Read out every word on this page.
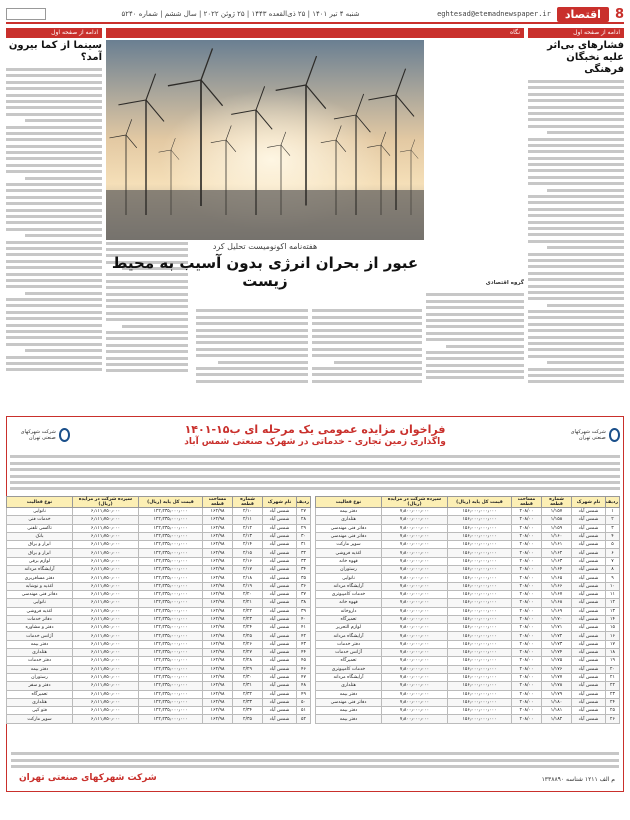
8
اقتصاد
eghtesad@etemadnewspaper.ir
شنبه ۴ تیر ۱۴۰۱ | ۲۵ ذی‌القعده ۱۴۴۳ | ۲۵ ژوئن ۲۰۲۲ | سال ششم | شماره ۵۲۴۰
ادامه از صفحه اول
نگاه
ادامه از صفحه اول
فشارهای بی‌اثر علیه نخبگان فرهنگی
سینما از کما بیرون آمد؟
هفته‌نامه اکونومیست تحلیل کرد
عبور از بحران انرژی بدون آسیب به محیط زیست	گروه اقتصادی
شرکت شهرکهای صنعتی تهران
فراخوان مزایده عمومی یک مرحله ای ب۱۵-۱۴۰۱
واگذاری زمین تجاری - خدماتی در شهرک صنعتی شمس آباد
شرکت شهرکهای صنعتی تهران
ردیف	نام شهرک	شماره قطعه	مساحت قطعه	قیمت کل پایه (ریال)	سپرده شرکت در مزایده (ریال)	نوع فعالیت
۱	شمس آباد	۱/۱۵۷	۲۰۸/۰۰	۱۵۶٫۰۰۰٫۰۰۰٫۰۰۰	۷٫۸۰۰٫۰۰۰٫۰۰۰	دفتر بیمه
۲	شمس آباد	۱/۱۵۸	۲۰۸/۰۰	۱۵۶٫۰۰۰٫۰۰۰٫۰۰۰	۷٫۸۰۰٫۰۰۰٫۰۰۰	هتلداری
۳	شمس آباد	۱/۱۵۹	۲۰۸/۰۰	۱۵۶٫۰۰۰٫۰۰۰٫۰۰۰	۷٫۸۰۰٫۰۰۰٫۰۰۰	دفاتر فنی مهندسی
۴	شمس آباد	۱/۱۶۰	۲۰۸/۰۰	۱۵۶٫۰۰۰٫۰۰۰٫۰۰۰	۷٫۸۰۰٫۰۰۰٫۰۰۰	دفاتر فنی مهندسی
۵	شمس آباد	۱/۱۶۱	۲۰۸/۰۰	۱۵۶٫۰۰۰٫۰۰۰٫۰۰۰	۷٫۸۰۰٫۰۰۰٫۰۰۰	سوپر مارکت
۶	شمس آباد	۱/۱۶۲	۲۰۸/۰۰	۱۵۶٫۰۰۰٫۰۰۰٫۰۰۰	۷٫۸۰۰٫۰۰۰٫۰۰۰	اغذیه فروشی
۷	شمس آباد	۱/۱۶۳	۲۰۸/۰۰	۱۵۶٫۰۰۰٫۰۰۰٫۰۰۰	۷٫۸۰۰٫۰۰۰٫۰۰۰	قهوه خانه
۸	شمس آباد	۱/۱۶۴	۲۰۸/۰۰	۱۵۶٫۰۰۰٫۰۰۰٫۰۰۰	۷٫۸۰۰٫۰۰۰٫۰۰۰	رستوران
۹	شمس آباد	۱/۱۶۵	۲۰۸/۰۰	۱۵۶٫۰۰۰٫۰۰۰٫۰۰۰	۷٫۸۰۰٫۰۰۰٫۰۰۰	نانوایی
۱۰	شمس آباد	۱/۱۶۶	۲۰۸/۰۰	۱۵۶٫۰۰۰٫۰۰۰٫۰۰۰	۷٫۸۰۰٫۰۰۰٫۰۰۰	آرایشگاه مردانه
۱۱	شمس آباد	۱/۱۶۷	۲۰۸/۰۰	۱۵۶٫۰۰۰٫۰۰۰٫۰۰۰	۷٫۸۰۰٫۰۰۰٫۰۰۰	خدمات کامپیوتری
۱۲	شمس آباد	۱/۱۶۸	۲۰۸/۰۰	۱۵۶٫۰۰۰٫۰۰۰٫۰۰۰	۷٫۸۰۰٫۰۰۰٫۰۰۰	قهوه خانه
۱۳	شمس آباد	۱/۱۶۹	۲۰۸/۰۰	۱۵۶٫۰۰۰٫۰۰۰٫۰۰۰	۷٫۸۰۰٫۰۰۰٫۰۰۰	داروخانه
۱۴	شمس آباد	۱/۱۷۰	۲۰۸/۰۰	۱۵۶٫۰۰۰٫۰۰۰٫۰۰۰	۷٫۸۰۰٫۰۰۰٫۰۰۰	تعمیرگاه
۱۵	شمس آباد	۱/۱۷۱	۲۰۸/۰۰	۱۵۶٫۰۰۰٫۰۰۰٫۰۰۰	۷٫۸۰۰٫۰۰۰٫۰۰۰	لوازم التحریر
۱۶	شمس آباد	۱/۱۷۲	۲۰۸/۰۰	۱۵۶٫۰۰۰٫۰۰۰٫۰۰۰	۷٫۸۰۰٫۰۰۰٫۰۰۰	آرایشگاه مردانه
۱۷	شمس آباد	۱/۱۷۳	۲۰۸/۰۰	۱۵۶٫۰۰۰٫۰۰۰٫۰۰۰	۷٫۸۰۰٫۰۰۰٫۰۰۰	دفتر خدمات
۱۸	شمس آباد	۱/۱۷۴	۲۰۸/۰۰	۱۵۶٫۰۰۰٫۰۰۰٫۰۰۰	۷٫۸۰۰٫۰۰۰٫۰۰۰	آژانس خدمات
۱۹	شمس آباد	۱/۱۷۵	۲۰۸/۰۰	۱۵۶٫۰۰۰٫۰۰۰٫۰۰۰	۷٫۸۰۰٫۰۰۰٫۰۰۰	تعمیرگاه
۲۰	شمس آباد	۱/۱۷۶	۲۰۸/۰۰	۱۵۶٫۰۰۰٫۰۰۰٫۰۰۰	۷٫۸۰۰٫۰۰۰٫۰۰۰	خدمات کامپیوتری
۲۱	شمس آباد	۱/۱۷۷	۲۰۸/۰۰	۱۵۶٫۰۰۰٫۰۰۰٫۰۰۰	۷٫۸۰۰٫۰۰۰٫۰۰۰	آرایشگاه مردانه
۲۲	شمس آباد	۱/۱۷۸	۲۰۸/۰۰	۱۵۶٫۰۰۰٫۰۰۰٫۰۰۰	۷٫۸۰۰٫۰۰۰٫۰۰۰	هتلداری
۲۳	شمس آباد	۱/۱۷۹	۲۰۸/۰۰	۱۵۶٫۰۰۰٫۰۰۰٫۰۰۰	۷٫۸۰۰٫۰۰۰٫۰۰۰	دفتر بیمه
۲۴	شمس آباد	۱/۱۸۰	۲۰۸/۰۰	۱۵۶٫۰۰۰٫۰۰۰٫۰۰۰	۷٫۸۰۰٫۰۰۰٫۰۰۰	دفاتر فنی مهندسی
۲۵	شمس آباد	۱/۱۸۱	۲۰۸/۰۰	۱۵۶٫۰۰۰٫۰۰۰٫۰۰۰	۷٫۸۰۰٫۰۰۰٫۰۰۰	دفتر بیمه
۲۶	شمس آباد	۱/۱۸۲	۲۰۸/۰۰	۱۵۶٫۰۰۰٫۰۰۰٫۰۰۰	۷٫۸۰۰٫۰۰۰٫۰۰۰	دفتر بیمه
ردیف	نام شهرک	شماره قطعه	مساحت قطعه	قیمت کل پایه (ریال)	سپرده شرکت در مزایده (ریال)	نوع فعالیت
۲۷	شمس آباد	۲/۱۰	۱۶۲/۹۸	۱۲۲٫۲۳۵٫۰۰۰٫۰۰۰	۶٫۱۱۱٫۷۵۰٫۰۰۰	نانوایی
۲۸	شمس آباد	۲/۱۱	۱۶۲/۹۸	۱۲۲٫۲۳۵٫۰۰۰٫۰۰۰	۶٫۱۱۱٫۷۵۰٫۰۰۰	خدمات فنی
۲۹	شمس آباد	۲/۱۲	۱۶۲/۹۸	۱۲۲٫۲۳۵٫۰۰۰٫۰۰۰	۶٫۱۱۱٫۷۵۰٫۰۰۰	تاکسی تلفنی
۳۰	شمس آباد	۲/۱۳	۱۶۲/۹۸	۱۲۲٫۲۳۵٫۰۰۰٫۰۰۰	۶٫۱۱۱٫۷۵۰٫۰۰۰	بانک
۳۱	شمس آباد	۲/۱۴	۱۶۲/۹۸	۱۲۲٫۲۳۵٫۰۰۰٫۰۰۰	۶٫۱۱۱٫۷۵۰٫۰۰۰	ابزار و یراق
۳۲	شمس آباد	۲/۱۵	۱۶۲/۹۸	۱۲۲٫۲۳۵٫۰۰۰٫۰۰۰	۶٫۱۱۱٫۷۵۰٫۰۰۰	ابزار و یراق
۳۳	شمس آباد	۲/۱۶	۱۶۲/۹۸	۱۲۲٫۲۳۵٫۰۰۰٫۰۰۰	۶٫۱۱۱٫۷۵۰٫۰۰۰	لوازم برقی
۳۴	شمس آباد	۲/۱۷	۱۶۲/۹۸	۱۲۲٫۲۳۵٫۰۰۰٫۰۰۰	۶٫۱۱۱٫۷۵۰٫۰۰۰	آرایشگاه مردانه
۳۵	شمس آباد	۲/۱۸	۱۶۲/۹۸	۱۲۲٫۲۳۵٫۰۰۰٫۰۰۰	۶٫۱۱۱٫۷۵۰٫۰۰۰	دفتر مسافربری
۳۶	شمس آباد	۲/۱۹	۱۶۲/۹۸	۱۲۲٫۲۳۵٫۰۰۰٫۰۰۰	۶٫۱۱۱٫۷۵۰٫۰۰۰	اغذیه و نوشابه
۳۷	شمس آباد	۲/۲۰	۱۶۲/۹۸	۱۲۲٫۲۳۵٫۰۰۰٫۰۰۰	۶٫۱۱۱٫۷۵۰٫۰۰۰	دفاتر فنی مهندسی
۳۸	شمس آباد	۲/۲۱	۱۶۲/۹۸	۱۲۲٫۲۳۵٫۰۰۰٫۰۰۰	۶٫۱۱۱٫۷۵۰٫۰۰۰	نانوایی
۳۹	شمس آباد	۲/۲۲	۱۶۲/۹۸	۱۲۲٫۲۳۵٫۰۰۰٫۰۰۰	۶٫۱۱۱٫۷۵۰٫۰۰۰	اغذیه فروشی
۴۰	شمس آباد	۲/۲۳	۱۶۲/۹۸	۱۲۲٫۲۳۵٫۰۰۰٫۰۰۰	۶٫۱۱۱٫۷۵۰٫۰۰۰	دفاتر خدمات
۴۱	شمس آباد	۲/۲۴	۱۶۲/۹۸	۱۲۲٫۲۳۵٫۰۰۰٫۰۰۰	۶٫۱۱۱٫۷۵۰٫۰۰۰	دفتر و مشاوره
۴۲	شمس آباد	۲/۲۵	۱۶۲/۹۸	۱۲۲٫۲۳۵٫۰۰۰٫۰۰۰	۶٫۱۱۱٫۷۵۰٫۰۰۰	آژانس خدمات
۴۳	شمس آباد	۲/۲۶	۱۶۲/۹۸	۱۲۲٫۲۳۵٫۰۰۰٫۰۰۰	۶٫۱۱۱٫۷۵۰٫۰۰۰	دفتر بیمه
۴۴	شمس آباد	۲/۲۷	۱۶۲/۹۸	۱۲۲٫۲۳۵٫۰۰۰٫۰۰۰	۶٫۱۱۱٫۷۵۰٫۰۰۰	هتلداری
۴۵	شمس آباد	۲/۲۸	۱۶۲/۹۸	۱۲۲٫۲۳۵٫۰۰۰٫۰۰۰	۶٫۱۱۱٫۷۵۰٫۰۰۰	دفتر خدمات
۴۶	شمس آباد	۲/۲۹	۱۶۲/۹۸	۱۲۲٫۲۳۵٫۰۰۰٫۰۰۰	۶٫۱۱۱٫۷۵۰٫۰۰۰	دفتر بیمه
۴۷	شمس آباد	۲/۳۰	۱۶۲/۹۸	۱۲۲٫۲۳۵٫۰۰۰٫۰۰۰	۶٫۱۱۱٫۷۵۰٫۰۰۰	رستوران
۴۸	شمس آباد	۲/۳۱	۱۶۲/۹۸	۱۲۲٫۲۳۵٫۰۰۰٫۰۰۰	۶٫۱۱۱٫۷۵۰٫۰۰۰	دفتر و سفر
۴۹	شمس آباد	۲/۳۲	۱۶۲/۹۸	۱۲۲٫۲۳۵٫۰۰۰٫۰۰۰	۶٫۱۱۱٫۷۵۰٫۰۰۰	تعمیرگاه
۵۰	شمس آباد	۲/۳۳	۱۶۲/۹۸	۱۲۲٫۲۳۵٫۰۰۰٫۰۰۰	۶٫۱۱۱٫۷۵۰٫۰۰۰	هتلداری
۵۱	شمس آباد	۲/۳۴	۱۶۲/۹۸	۱۲۲٫۲۳۵٫۰۰۰٫۰۰۰	۶٫۱۱۱٫۷۵۰٫۰۰۰	فتو کپی
۵۲	شمس آباد	۲/۳۵	۱۶۲/۹۸	۱۲۲٫۲۳۵٫۰۰۰٫۰۰۰	۶٫۱۱۱٫۷۵۰٫۰۰۰	سوپر مارکت
شرکت شهرکهای صنعتی تهران	م الف ۱۲۱۱ شناسه ۱۳۳۸۸۹۰
